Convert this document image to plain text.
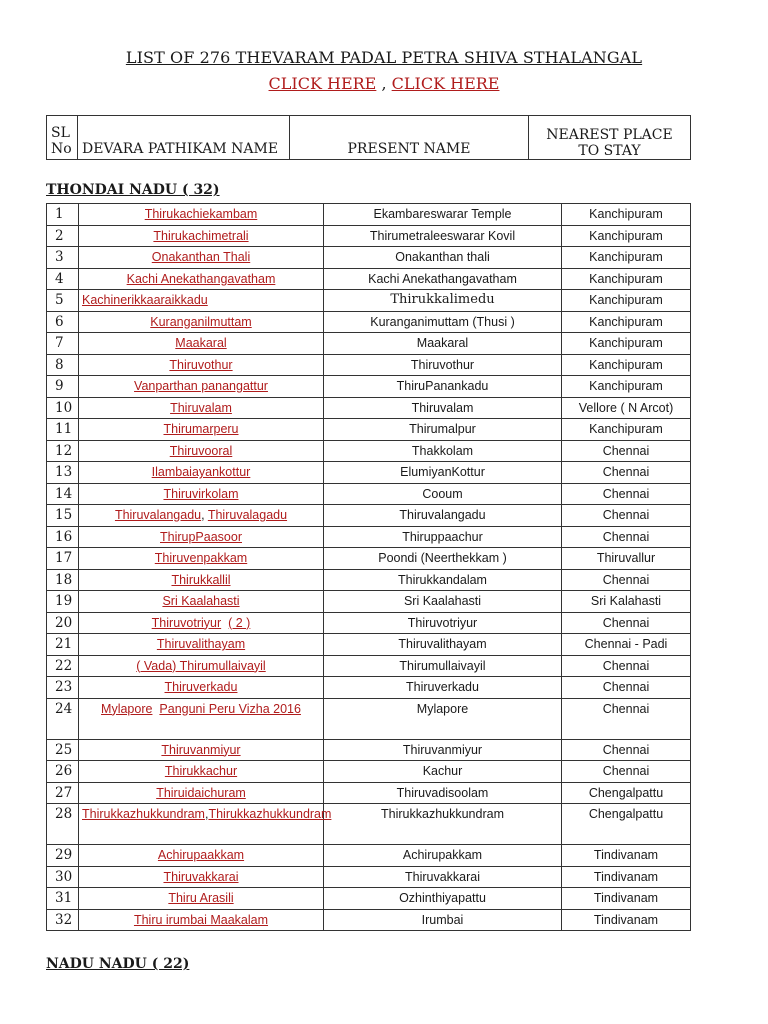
LIST OF 276 THEVARAM PADAL PETRA SHIVA STHALANGAL
CLICK HERE , CLICK HERE
SL
No	DEVARA PATHIKAM NAME	PRESENT NAME	NEAREST PLACE
TO STAY
THONDAI NADU ( 32)
1	Thirukachiekambam	Ekambareswarar Temple	Kanchipuram
2	Thirukachimetrali	Thirumetraleeswarar Kovil	Kanchipuram
3	Onakanthan Thali	Onakanthan thali	Kanchipuram
4	Kachi Anekathangavatham	Kachi Anekathangavatham	Kanchipuram
5	Kachinerikkaaraikkadu	Thirukkalimedu	Kanchipuram
6	Kuranganilmuttam	Kuranganimuttam (Thusi )	Kanchipuram
7	Maakaral	Maakaral	Kanchipuram
8	Thiruvothur	Thiruvothur	Kanchipuram
9	Vanparthan panangattur	ThiruPanankadu	Kanchipuram
10	Thiruvalam	Thiruvalam	Vellore ( N Arcot)
11	Thirumarperu	Thirumalpur	Kanchipuram
12	Thiruvooral	Thakkolam	Chennai
13	Ilambaiayankottur	ElumiyanKottur	Chennai
14	Thiruvirkolam	Cooum	Chennai
15	Thiruvalangadu, Thiruvalagadu	Thiruvalangadu	Chennai
16	ThirupPaasoor	Thiruppaachur	Chennai
17	Thiruvenpakkam	Poondi (Neerthekkam )	Thiruvallur
18	Thirukkallil	Thirukkandalam	Chennai
19	Sri Kaalahasti	Sri Kaalahasti	Sri Kalahasti
20	Thiruvotriyur ( 2 )	Thiruvotriyur	Chennai
21	Thiruvalithayam	Thiruvalithayam	Chennai - Padi
22	( Vada) Thirumullaivayil	Thirumullaivayil	Chennai
23	Thiruverkadu	Thiruverkadu	Chennai
24	Mylapore Panguni Peru Vizha 2016	Mylapore	Chennai
25	Thiruvanmiyur	Thiruvanmiyur	Chennai
26	Thirukkachur	Kachur	Chennai
27	Thiruidaichuram	Thiruvadisoolam	Chengalpattu
28	Thirukkazhukkundram,Thirukkazhukkundram	Thirukkazhukkundram	Chengalpattu
29	Achirupaakkam	Achirupakkam	Tindivanam
30	Thiruvakkarai	Thiruvakkarai	Tindivanam
31	Thiru Arasili	Ozhinthiyapattu	Tindivanam
32	Thiru irumbai Maakalam	Irumbai	Tindivanam
NADU NADU ( 22)
